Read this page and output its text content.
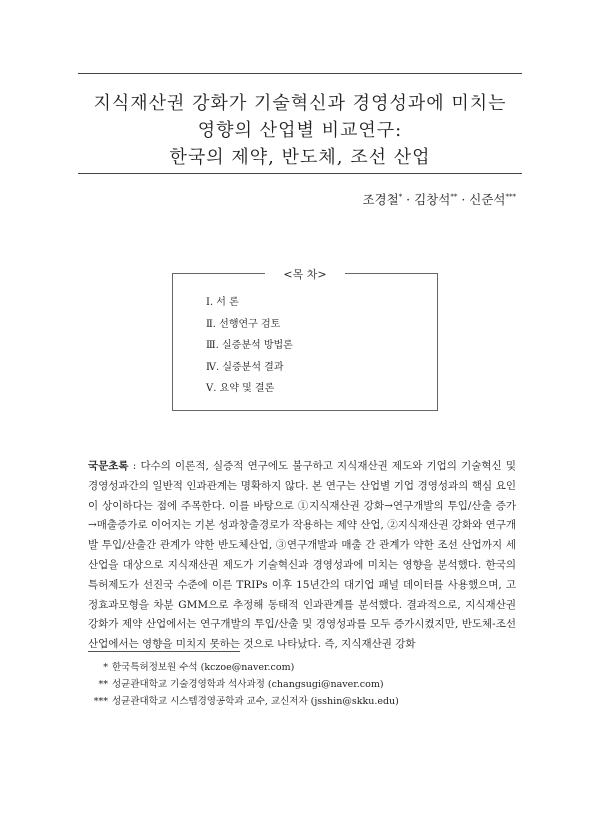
지식재산권 강화가 기술혁신과 경영성과에 미치는
영향의 산업별 비교연구:
한국의 제약, 반도체, 조선 산업
조경철* · 김창석** · 신준석***
<목 차>
Ⅰ. 서 론
Ⅱ. 선행연구 검토
Ⅲ. 실증분석 방법론
Ⅳ. 실증분석 결과
Ⅴ. 요약 및 결론
국문초록 : 다수의 이론적, 실증적 연구에도 불구하고 지식재산권 제도와 기업의 기술혁신 및 경영성과간의 일반적 인과관계는 명확하지 않다. 본 연구는 산업별 기업 경영성과의 핵심 요인이 상이하다는 점에 주목한다. 이를 바탕으로 ①지식재산권 강화→연구개발의 투입/산출 증가→매출증가로 이어지는 기본 성과창출경로가 작용하는 제약 산업, ②지식재산권 강화와 연구개발 투입/산출간 관계가 약한 반도체산업, ③연구개발과 매출 간 관계가 약한 조선 산업까지 세 산업을 대상으로 지식재산권 제도가 기술혁신과 경영성과에 미치는 영향을 분석했다. 한국의 특허제도가 선진국 수준에 이른 TRIPs 이후 15년간의 대기업 패널 데이터를 사용했으며, 고정효과모형을 차분 GMM으로 추정해 동태적 인과관계를 분석했다. 결과적으로, 지식재산권 강화가 제약 산업에서는 연구개발의 투입/산출 및 경영성과를 모두 증가시켰지만, 반도체-조선 산업에서는 영향을 미치지 못하는 것으로 나타났다. 즉, 지식재산권 강화
* 한국특허정보원 수석 (kczoe@naver.com)
** 성균관대학교 기술경영학과 석사과정 (changsugi@naver.com)
*** 성균관대학교 시스템경영공학과 교수, 교신저자 (jsshin@skku.edu)
